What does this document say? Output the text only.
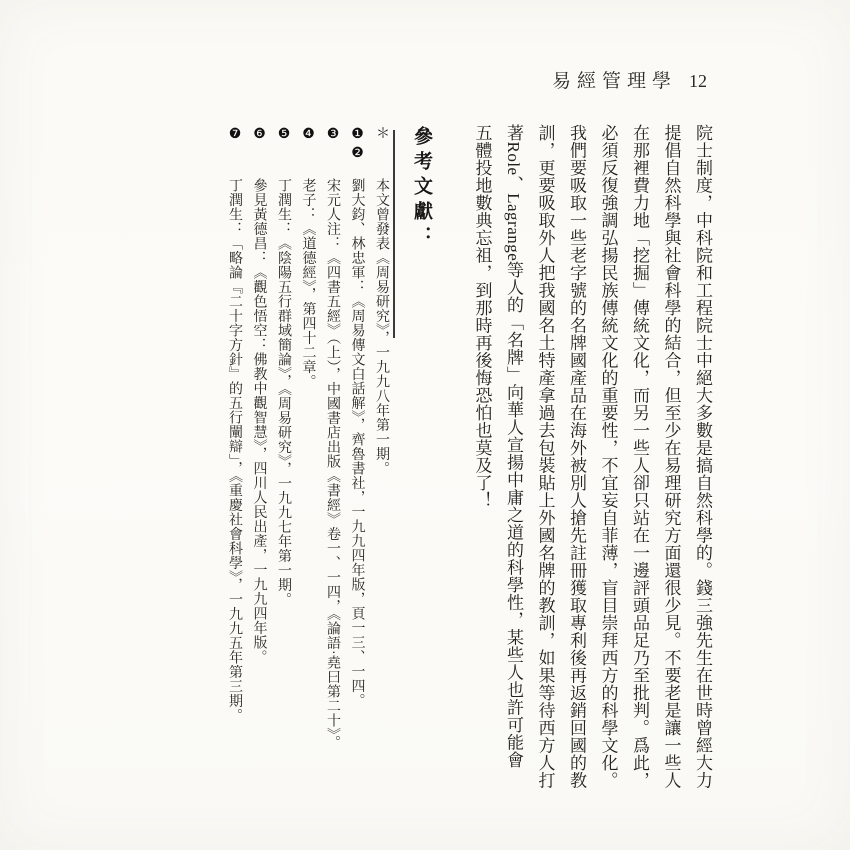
易經管理學 12
院士制度，中科院和工程院士中絕大多數是搞自然科學的。錢三強先生在世時曾經大力
提倡自然科學與社會科學的結合，但至少在易理研究方面還很少見。不要老是讓一些人
在那裡費力地「挖掘」傳統文化，而另一些人卻只站在一邊評頭品足乃至批判。爲此，
必須反復強調弘揚民族傳統文化的重要性，不宜妄自菲薄，盲目崇拜西方的科學文化。
我們要吸取一些老字號的名牌國產品在海外被別人搶先註冊獲取專利後再返銷回國的教
訓，更要吸取外人把我國名土特產拿過去包裝貼上外國名牌的教訓，如果等待西方人打
著Role、Lagrange等人的「名牌」向華人宣揚中庸之道的科學性，某些人也許可能會
五體投地數典忘祖，到那時再後悔恐怕也莫及了！
參考文獻：
＊本文曾發表《周易研究》，一九九八年第一期。
❶❷劉大鈞、林忠軍：《周易傳文白話解》，齊魯書社，一九九四年版，頁一三、一四。
❸宋元人注：《四書五經》（上），中國書店出版《書經》卷一、一四，《論語·堯曰第二十》。
❹老子：《道德經》，第四十二章。
❺丁潤生：《陰陽五行群域簡論》，《周易研究》，一九九七年第一期。
❻參見黃德昌：《觀色悟空：佛教中觀智慧》，四川人民出產，一九九四年版。
❼丁潤生：「略論『二十字方針』的五行闡辯」，《重慶社會科學》，一九九五年第三期。
